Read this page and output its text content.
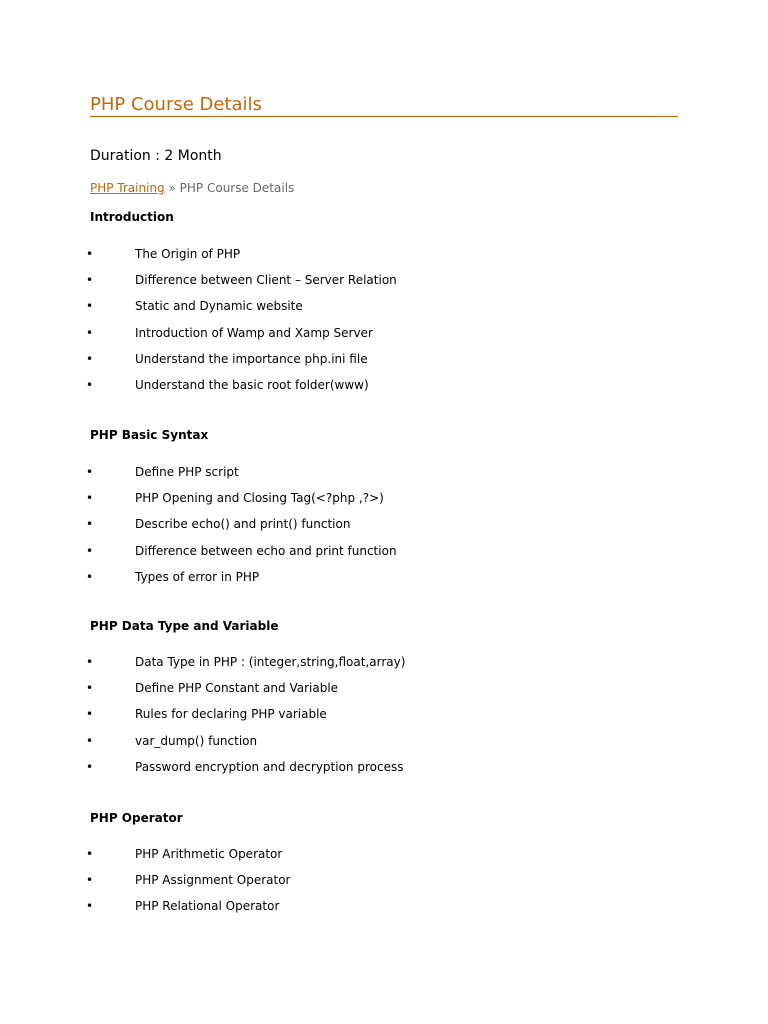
PHP Course Details
Duration : 2 Month
PHP Training » PHP Course Details
Introduction
•	The Origin of PHP
•	Difference between Client – Server Relation
•	Static and Dynamic website
•	Introduction of Wamp and Xamp Server
•	Understand the importance php.ini file
•	Understand the basic root folder(www)
PHP Basic Syntax
•	Define PHP script
•	PHP Opening and Closing Tag(<?php ,?>)
•	Describe echo() and print() function
•	Difference between echo and print function
•	Types of error in PHP
PHP Data Type and Variable
•	Data Type in PHP : (integer,string,float,array)
•	Define PHP Constant and Variable
•	Rules for declaring PHP variable
•	var_dump() function
•	Password encryption and decryption process
PHP Operator
•	PHP Arithmetic Operator
•	PHP Assignment Operator
•	PHP Relational Operator
